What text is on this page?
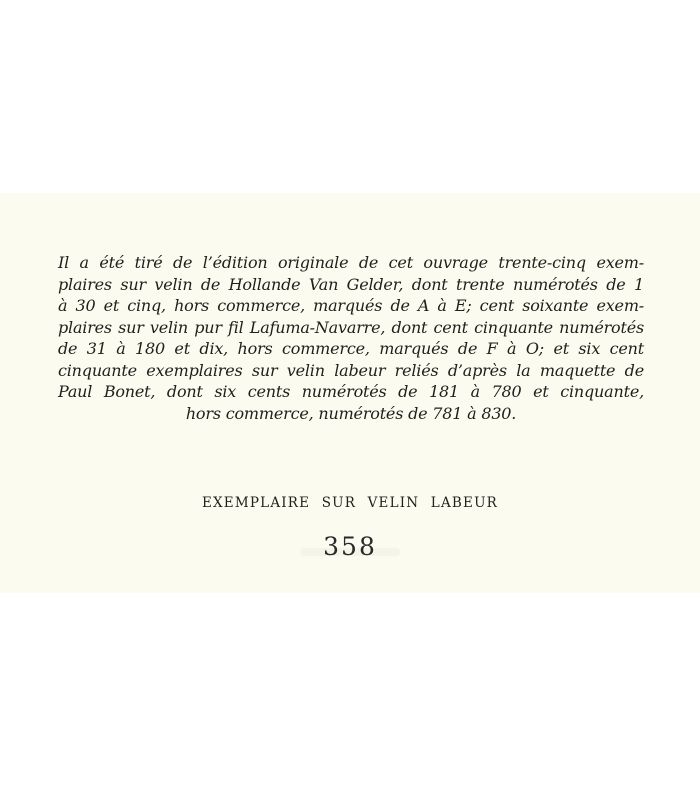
Il a été tiré de l’édition originale de cet ouvrage trente-cinq exem-
plaires sur velin de Hollande Van Gelder, dont trente numérotés de 1
à 30 et cinq, hors commerce, marqués de A à E; cent soixante exem-
plaires sur velin pur fil Lafuma-Navarre, dont cent cinquante numérotés
de 31 à 180 et dix, hors commerce, marqués de F à O; et six cent
cinquante exemplaires sur velin labeur reliés d’après la maquette de
Paul Bonet, dont six cents numérotés de 181 à 780 et cinquante,
hors commerce, numérotés de 781 à 830.
EXEMPLAIRE SUR VELIN LABEUR
358
